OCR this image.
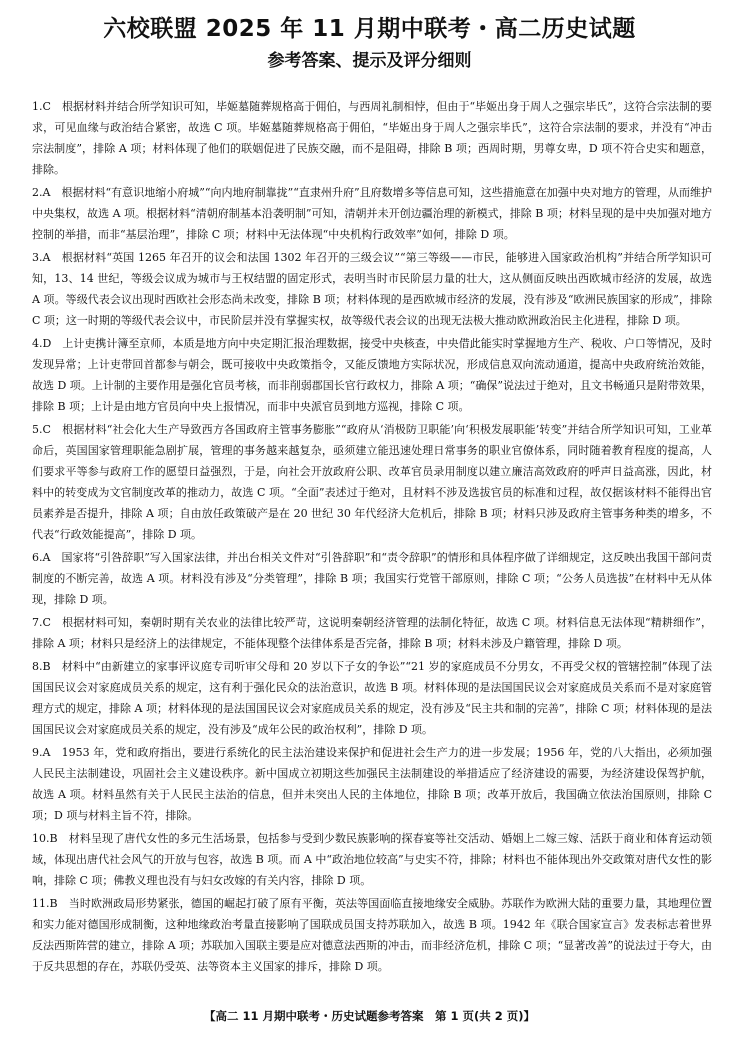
六校联盟 2025 年 11 月期中联考・高二历史试题
参考答案、提示及评分细则

1.C　 根据材料并结合所学知识可知，毕姬墓随葬规格高于佣伯，与西周礼制相悖，但由于“毕姬出身于周人之强宗毕氏”，这符合宗法制的要求，可见血缘与政治结合紧密，故选 C 项。毕姬墓随葬规格高于佣伯，“毕姬出身于周人之强宗毕氏”，这符合宗法制的要求，并没有“冲击宗法制度”，排除 A 项；材料体现了他们的联姻促进了民族交融，而不是阻碍，排除 B 项；西周时期，男尊女卑，D 项不符合史实和题意，排除。

2.A　 根据材料“有意识地缩小府城”“向内地府制靠拢”“直隶州升府”且府数增多等信息可知，这些措施意在加强中央对地方的管理，从而维护中央集权，故选 A 项。根据材料“清朝府制基本沿袭明制”可知，清朝并未开创边疆治理的新模式，排除 B 项；材料呈现的是中央加强对地方控制的举措，而非“基层治理”，排除 C 项；材料中无法体现“中央机构行政效率”如何，排除 D 项。

3.A　 根据材料“英国 1265 年召开的议会和法国 1302 年召开的三级会议”“第三等级——市民，能够进入国家政治机构”并结合所学知识可知，13、14 世纪，等级会议成为城市与王权结盟的固定形式，表明当时市民阶层力量的壮大，这从侧面反映出西欧城市经济的发展，故选 A 项。等级代表会议出现时西欧社会形态尚未改变，排除 B 项；材料体现的是西欧城市经济的发展，没有涉及“欧洲民族国家的形成”，排除 C 项；这一时期的等级代表会议中，市民阶层并没有掌握实权，故等级代表会议的出现无法极大推动欧洲政治民主化进程，排除 D 项。

4.D　 上计吏携计簿至京师，本质是地方向中央定期汇报治理数据，接受中央核查，中央借此能实时掌握地方生产、税收、户口等情况，及时发现异常；上计吏带回首都参与朝会，既可接收中央政策指令，又能反馈地方实际状况，形成信息双向流动通道，提高中央政府统治效能，故选 D 项。上计制的主要作用是强化官员考核，而非削弱郡国长官行政权力，排除 A 项；“确保”说法过于绝对，且文书畅通只是附带效果，排除 B 项；上计是由地方官员向中央上报情况，而非中央派官员到地方巡视，排除 C 项。

5.C　 根据材料“社会化大生产导致西方各国政府主管事务膨胀”“政府从‘消极防卫职能’向‘积极发展职能’转变”并结合所学知识可知，工业革命后，英国国家管理职能急剧扩展，管理的事务越来越复杂，亟须建立能迅速处理日常事务的职业官僚体系，同时随着教育程度的提高，人们要求平等参与政府工作的愿望日益强烈，于是，向社会开放政府公职、改革官员录用制度以建立廉洁高效政府的呼声日益高涨，因此，材料中的转变成为文官制度改革的推动力，故选 C 项。“全面”表述过于绝对，且材料不涉及选拔官员的标准和过程，故仅据该材料不能得出官员素养是否提升，排除 A 项；自由放任政策破产是在 20 世纪 30 年代经济大危机后，排除 B 项；材料只涉及政府主管事务种类的增多，不代表“行政效能提高”，排除 D 项。

6.A　 国家将“引咎辞职”写入国家法律，并出台相关文件对“引咎辞职”和“责令辞职”的情形和具体程序做了详细规定，这反映出我国干部问责制度的不断完善，故选 A 项。材料没有涉及“分类管理”，排除 B 项；我国实行党管干部原则，排除 C 项；“公务人员选拔”在材料中无从体现，排除 D 项。

7.C　 根据材料可知，秦朝时期有关农业的法律比较严苛，这说明秦朝经济管理的法制化特征，故选 C 项。材料信息无法体现“精耕细作”，排除 A 项；材料只是经济上的法律规定，不能体现整个法律体系是否完备，排除 B 项；材料未涉及户籍管理，排除 D 项。

8.B　 材料中“由新建立的家事评议庭专司听审父母和 20 岁以下子女的争讼”“21 岁的家庭成员不分男女，不再受父权的管辖控制”体现了法国国民议会对家庭成员关系的规定，这有利于强化民众的法治意识，故选 B 项。材料体现的是法国国民议会对家庭成员关系而不是对家庭管理方式的规定，排除 A 项；材料体现的是法国国民议会对家庭成员关系的规定，没有涉及“民主共和制的完善”，排除 C 项；材料体现的是法国国民议会对家庭成员关系的规定，没有涉及“成年公民的政治权利”，排除 D 项。

9.A　 1953 年，党和政府指出，要进行系统化的民主法治建设来保护和促进社会生产力的进一步发展；1956 年，党的八大指出，必须加强人民民主法制建设，巩固社会主义建设秩序。新中国成立初期这些加强民主法制建设的举措适应了经济建设的需要，为经济建设保驾护航，故选 A 项。材料虽然有关于人民民主法治的信息，但并未突出人民的主体地位，排除 B 项；改革开放后，我国确立依法治国原则，排除 C 项；D 项与材料主旨不符，排除。

10.B　 材料呈现了唐代女性的多元生活场景，包括参与受到少数民族影响的探春宴等社交活动、婚姻上二嫁三嫁、活跃于商业和体育运动领域，体现出唐代社会风气的开放与包容，故选 B 项。而 A 中“政治地位较高”与史实不符，排除；材料也不能体现出外交政策对唐代女性的影响，排除 C 项；佛教义理也没有与妇女改嫁的有关内容，排除 D 项。

11.B　 当时欧洲政局形势紧张，德国的崛起打破了原有平衡，英法等国面临直接地缘安全威胁。苏联作为欧洲大陆的重要力量，其地理位置和实力能对德国形成制衡，这种地缘政治考量直接影响了国联成员国支持苏联加入，故选 B 项。1942 年《联合国家宣言》发表标志着世界反法西斯阵营的建立，排除 A 项；苏联加入国联主要是应对德意法西斯的冲击，而非经济危机，排除 C 项；“显著改善”的说法过于夸大，由于反共思想的存在，苏联仍受英、法等资本主义国家的排斥，排除 D 项。

【高二 11 月期中联考・历史试题参考答案　第 1 页(共 2 页)】
